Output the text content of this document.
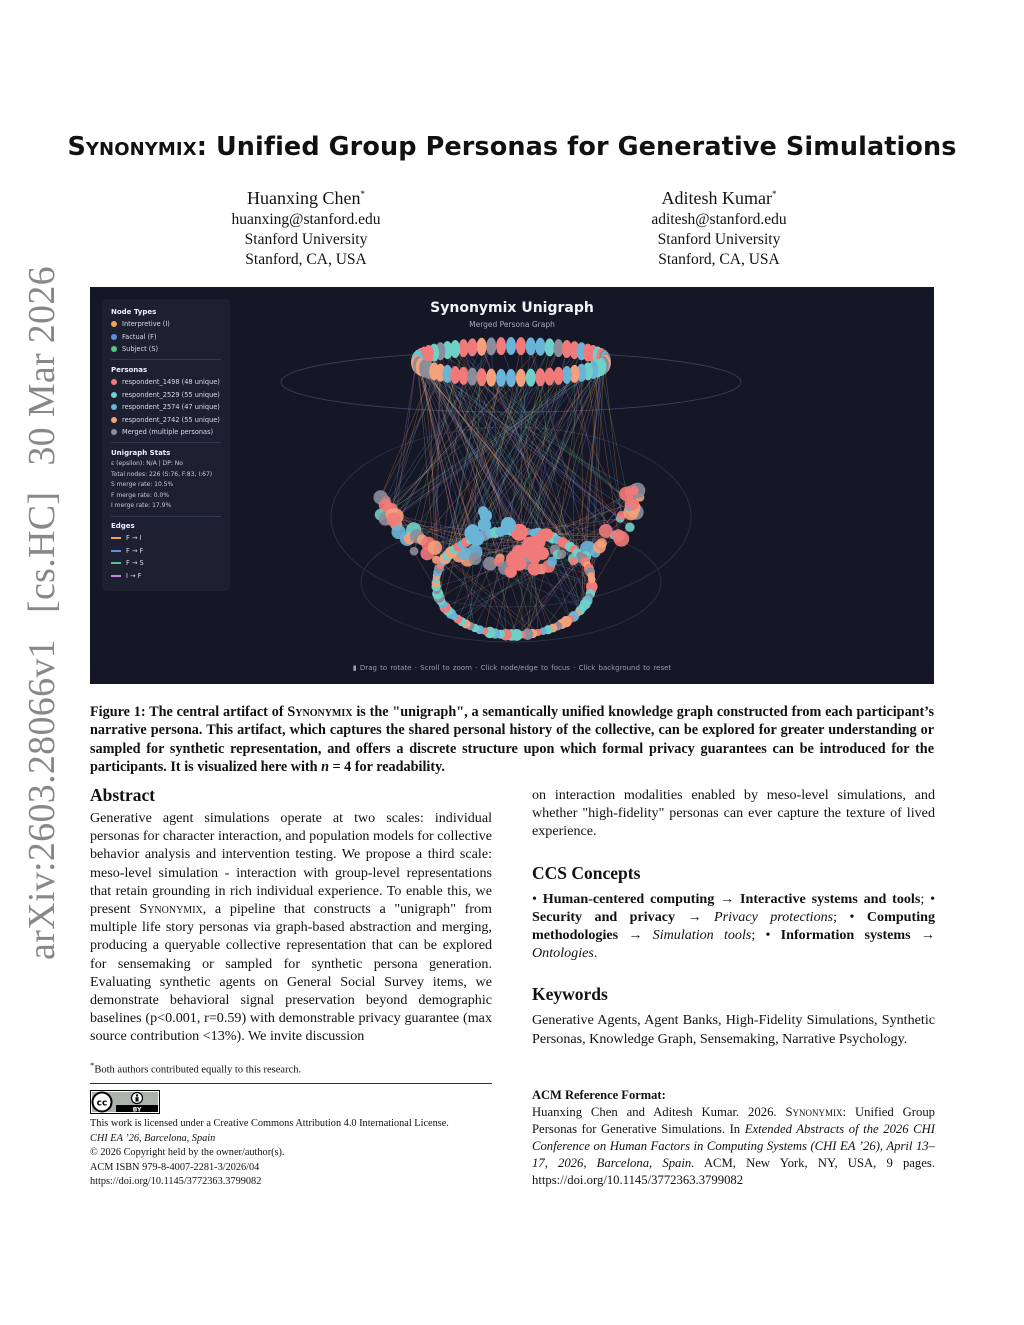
arXiv:2603.28066v1[cs.HC]30 Mar 2026
Synonymix: Unified Group Personas for Generative Simulations
Huanxing Chen*
huanxing@stanford.edu
Stanford University
Stanford, CA, USA
Aditesh Kumar*
aditesh@stanford.edu
Stanford University
Stanford, CA, USA
Synonymix Unigraph
Merged Persona Graph
Node Types
Interpretive (I)
Factual (F)
Subject (S)
Personas
respondent_1498 (48 unique)
respondent_2529 (55 unique)
respondent_2574 (47 unique)
respondent_2742 (55 unique)
Merged (multiple personas)
Unigraph Stats
ε (epsilon): N/A | DP: No
Total nodes: 226 (S:76, F:83, I:67)
S merge rate: 10.5%
F merge rate: 0.0%
I merge rate: 17.9%
Edges
F → I
F → F
F → S
I → F
▮ Drag to rotate · Scroll to zoom · Click node/edge to focus · Click background to reset
Figure 1: The central artifact of Synonymix is the "unigraph", a semantically unified knowledge graph constructed from each participant’s narrative persona. This artifact, which captures the shared personal history of the collective, can be explored for greater understanding or sampled for synthetic representation, and offers a discrete structure upon which formal privacy guarantees can be introduced for the participants. It is visualized here with n = 4 for readability.
Abstract
Generative agent simulations operate at two scales: individual personas for character interaction, and population models for collective behavior analysis and intervention testing. We propose a third scale: meso-level simulation - interaction with group-level representations that retain grounding in rich individual experience. To enable this, we present Synonymix, a pipeline that constructs a "unigraph" from multiple life story personas via graph-based abstraction and merging, producing a queryable collective representation that can be explored for sensemaking or sampled for synthetic persona generation. Evaluating synthetic agents on General Social Survey items, we demonstrate behavioral signal preservation beyond demographic baselines (p<0.001, r=0.59) with demonstrable privacy guarantee (max source contribution <13%). We invite discussion
*Both authors contributed equally to this research.
cc
BY
This work is licensed under a Creative Commons Attribution 4.0 International License.
CHI EA ’26, Barcelona, Spain
© 2026 Copyright held by the owner/author(s).
ACM ISBN 979-8-4007-2281-3/2026/04
https://doi.org/10.1145/3772363.3799082
on interaction modalities enabled by meso-level simulations, and whether "high-fidelity" personas can ever capture the texture of lived experience.
CCS Concepts
• Human-centered computing → Interactive systems and tools; • Security and privacy → Privacy protections; • Computing methodologies → Simulation tools; • Information systems → Ontologies.
Keywords
Generative Agents, Agent Banks, High-Fidelity Simulations, Synthetic Personas, Knowledge Graph, Sensemaking, Narrative Psychology.
ACM Reference Format:
Huanxing Chen and Aditesh Kumar. 2026. Synonymix: Unified Group Personas for Generative Simulations. In Extended Abstracts of the 2026 CHI Conference on Human Factors in Computing Systems (CHI EA ’26), April 13–17, 2026, Barcelona, Spain. ACM, New York, NY, USA, 9 pages. https://doi.org/10.1145/3772363.3799082
